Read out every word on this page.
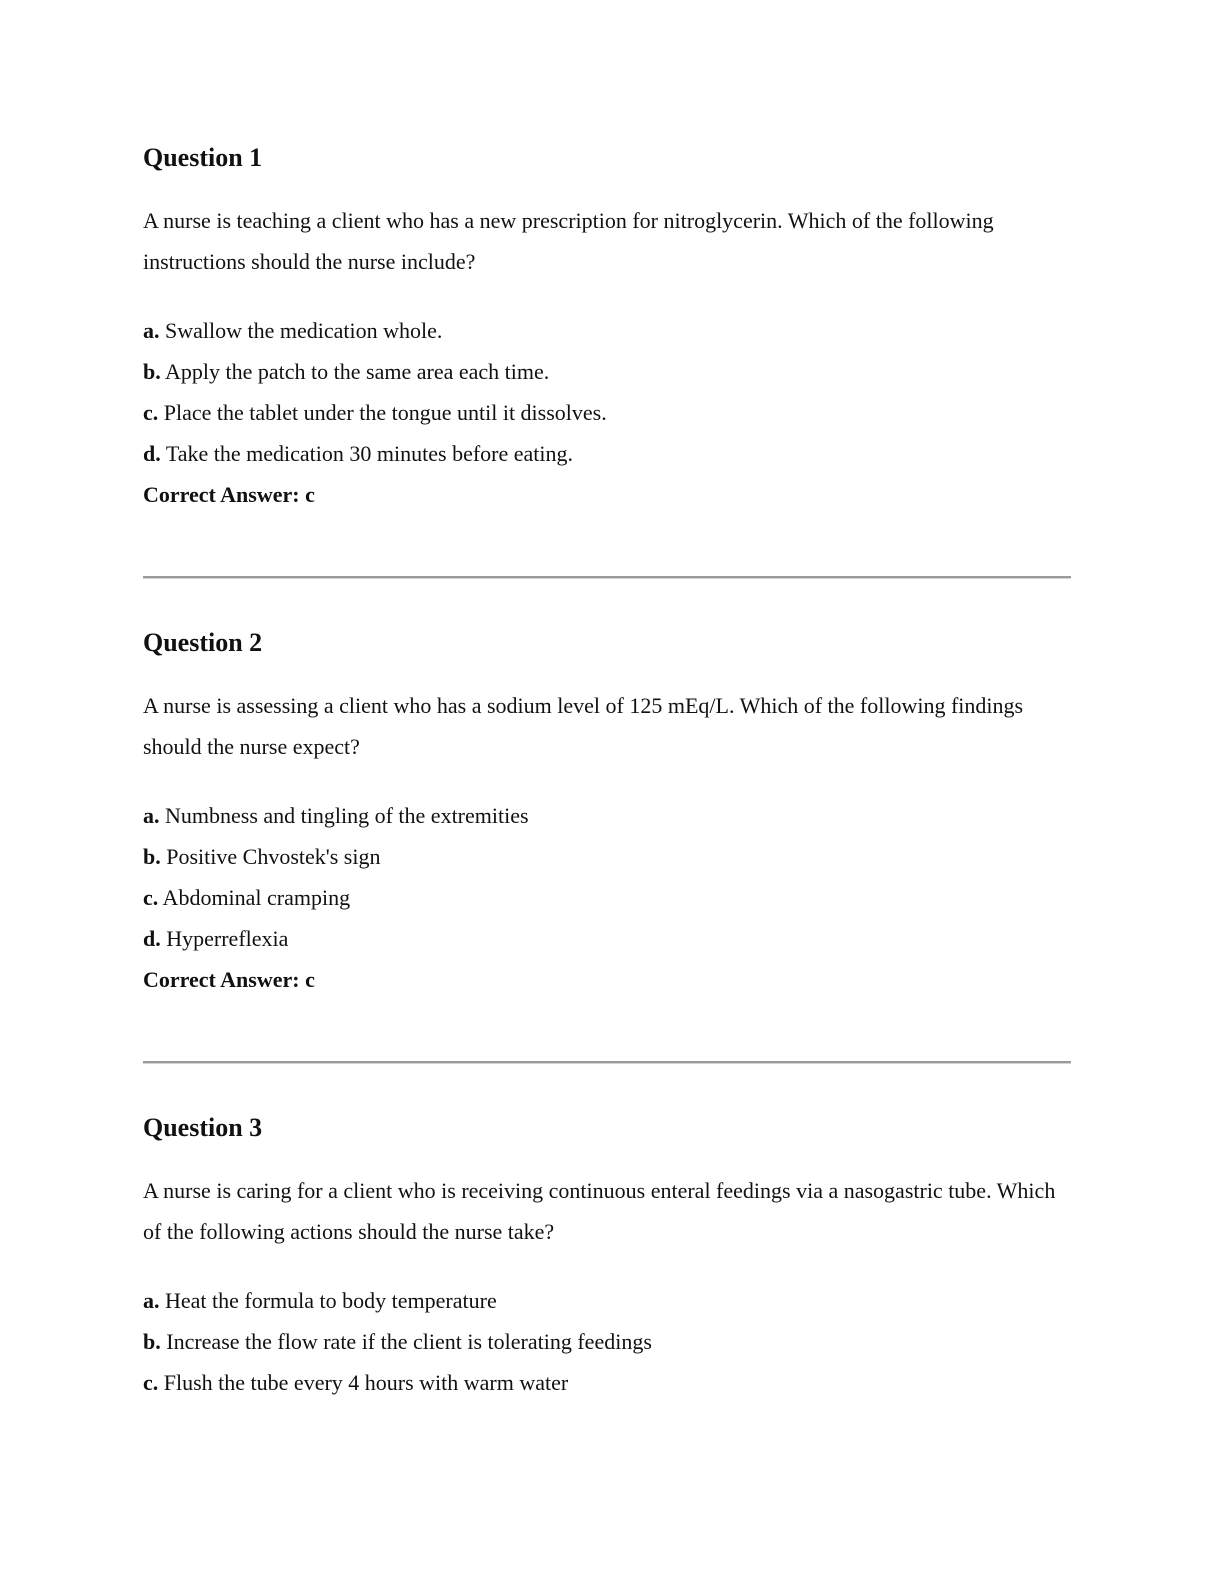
Question 1

A nurse is teaching a client who has a new prescription for nitroglycerin. Which of the following instructions should the nurse include?

a. Swallow the medication whole.
b. Apply the patch to the same area each time.
c. Place the tablet under the tongue until it dissolves.
d. Take the medication 30 minutes before eating.
Correct Answer: c
Question 2

A nurse is assessing a client who has a sodium level of 125 mEq/L. Which of the following findings should the nurse expect?

a. Numbness and tingling of the extremities
b. Positive Chvostek's sign
c. Abdominal cramping
d. Hyperreflexia
Correct Answer: c
Question 3

A nurse is caring for a client who is receiving continuous enteral feedings via a nasogastric tube. Which of the following actions should the nurse take?

a. Heat the formula to body temperature
b. Increase the flow rate if the client is tolerating feedings
c. Flush the tube every 4 hours with warm water
